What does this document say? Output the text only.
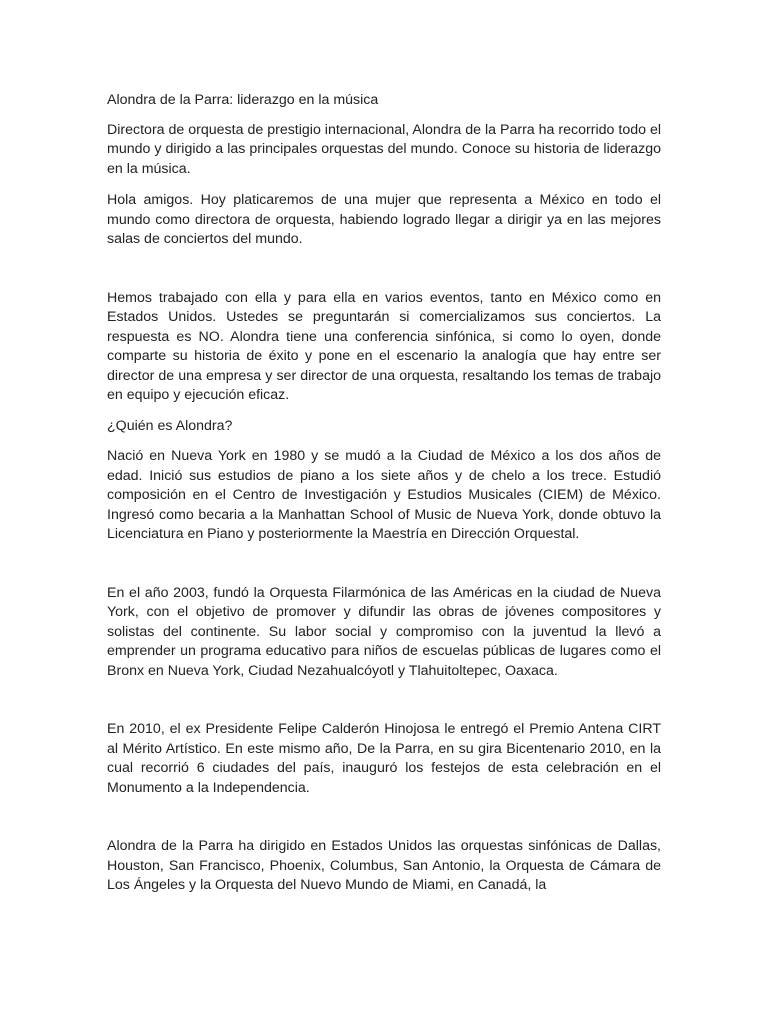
Alondra de la Parra: liderazgo en la música

Directora de orquesta de prestigio internacional, Alondra de la Parra ha recorrido todo el mundo y dirigido a las principales orquestas del mundo. Conoce su historia de liderazgo en la música.

Hola amigos. Hoy platicaremos de una mujer que representa a México en todo el mundo como directora de orquesta, habiendo logrado llegar a dirigir ya en las mejores salas de conciertos del mundo.

Hemos trabajado con ella y para ella en varios eventos, tanto en México como en Estados Unidos. Ustedes se preguntarán si comercializamos sus conciertos. La respuesta es NO. Alondra tiene una conferencia sinfónica, si como lo oyen, donde comparte su historia de éxito y pone en el escenario la analogía que hay entre ser director de una empresa y ser director de una orquesta, resaltando los temas de trabajo en equipo y ejecución eficaz.

¿Quién es Alondra?

Nació en Nueva York en 1980 y se mudó a la Ciudad de México a los dos años de edad. Inició sus estudios de piano a los siete años y de chelo a los trece. Estudió composición en el Centro de Investigación y Estudios Musicales (CIEM) de México. Ingresó como becaria a la Manhattan School of Music de Nueva York, donde obtuvo la Licenciatura en Piano y posteriormente la Maestría en Dirección Orquestal.

En el año 2003, fundó la Orquesta Filarmónica de las Américas en la ciudad de Nueva York, con el objetivo de promover y difundir las obras de jóvenes compositores y solistas del continente. Su labor social y compromiso con la juventud la llevó a emprender un programa educativo para niños de escuelas públicas de lugares como el Bronx en Nueva York, Ciudad Nezahualcóyotl y Tlahuitoltepec, Oaxaca.

En 2010, el ex Presidente Felipe Calderón Hinojosa le entregó el Premio Antena CIRT al Mérito Artístico. En este mismo año, De la Parra, en su gira Bicentenario 2010, en la cual recorrió 6 ciudades del país, inauguró los festejos de esta celebración en el Monumento a la Independencia.

Alondra de la Parra ha dirigido en Estados Unidos las orquestas sinfónicas de Dallas, Houston, San Francisco, Phoenix, Columbus, San Antonio, la Orquesta de Cámara de Los Ángeles y la Orquesta del Nuevo Mundo de Miami, en Canadá, la
